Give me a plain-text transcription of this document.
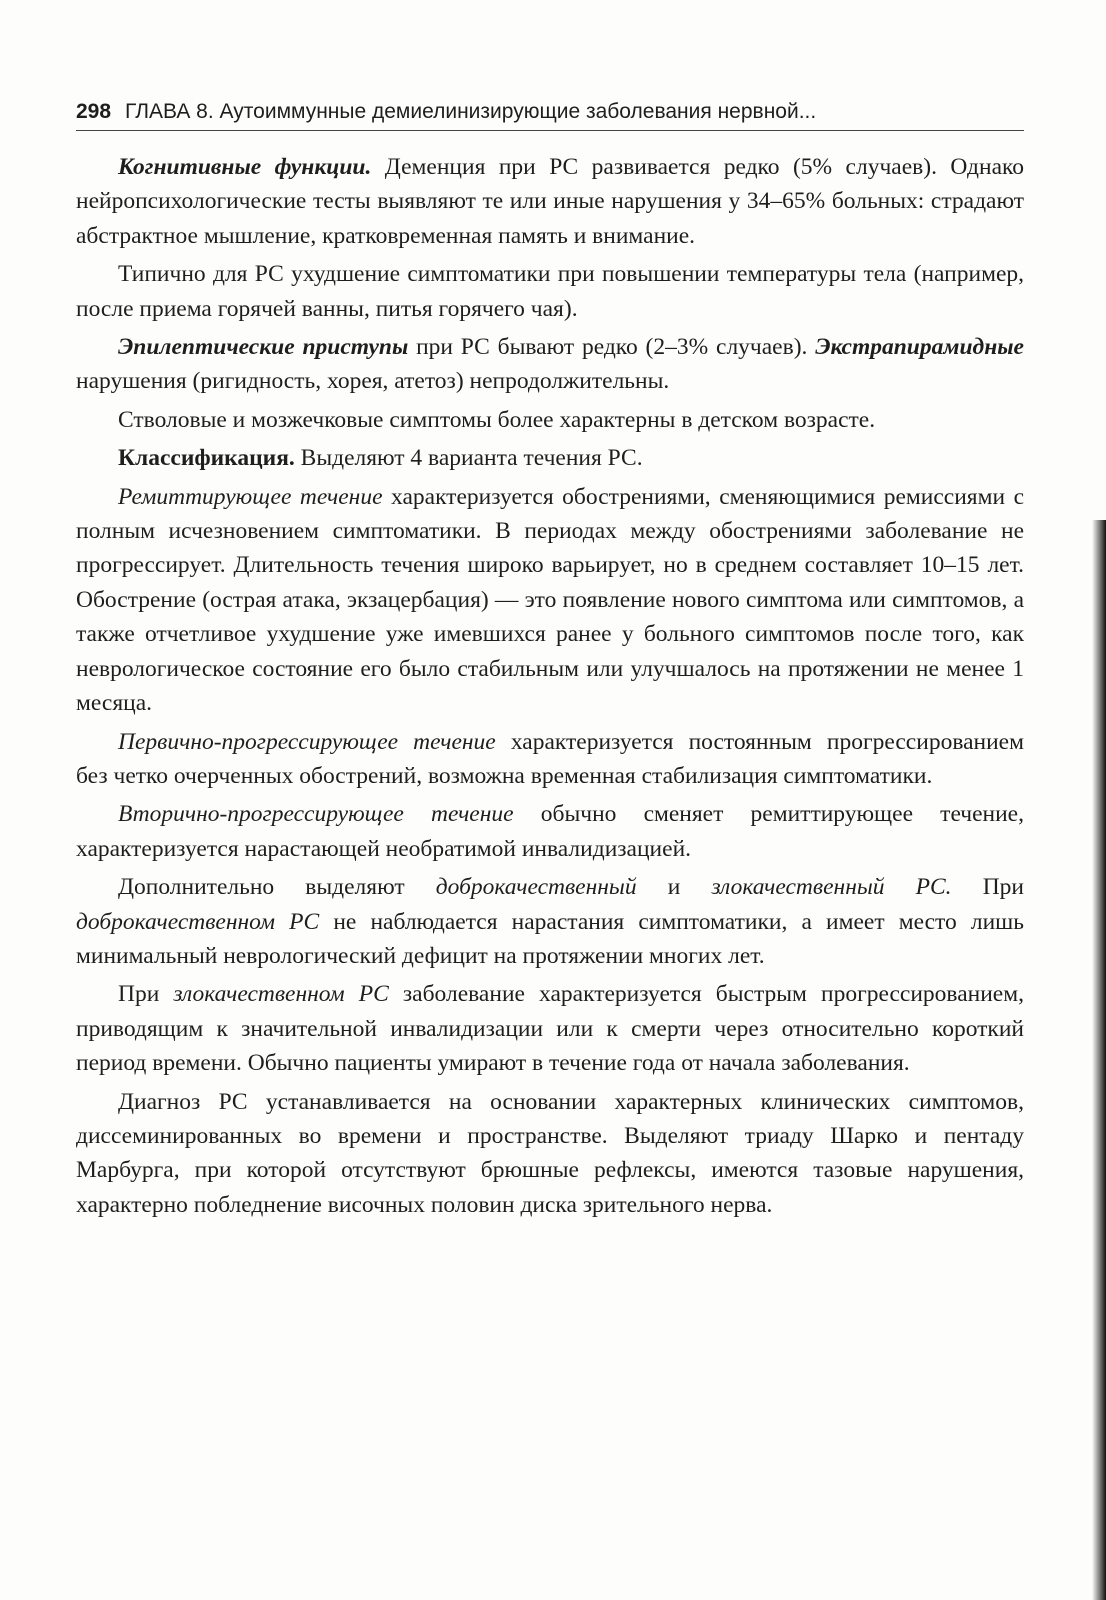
298 ГЛАВА 8. Аутоиммунные демиелинизирующие заболевания нервной...

Когнитивные функции. Деменция при РС развивается редко (5% случаев). Однако нейропсихологические тесты выявляют те или иные нарушения у 34–65% больных: страдают абстрактное мышление, кратковременная память и внимание.

Типично для РС ухудшение симптоматики при повышении температуры тела (например, после приема горячей ванны, питья горячего чая).

Эпилептические приступы при РС бывают редко (2–3% случаев). Экстрапирамидные нарушения (ригидность, хорея, атетоз) непродолжительны.

Стволовые и мозжечковые симптомы более характерны в детском возрасте.

Классификация. Выделяют 4 варианта течения РС.

Ремиттирующее течение характеризуется обострениями, сменяющимися ремиссиями с полным исчезновением симптоматики. В периодах между обострениями заболевание не прогрессирует. Длительность течения широко варьирует, но в среднем составляет 10–15 лет. Обострение (острая атака, экзацербация) — это появление нового симптома или симптомов, а также отчетливое ухудшение уже имевшихся ранее у больного симптомов после того, как неврологическое состояние его было стабильным или улучшалось на протяжении не менее 1 месяца.

Первично-прогрессирующее течение характеризуется постоянным прогрессированием без четко очерченных обострений, возможна временная стабилизация симптоматики.

Вторично-прогрессирующее течение обычно сменяет ремиттирующее течение, характеризуется нарастающей необратимой инвалидизацией.

Дополнительно выделяют доброкачественный и злокачественный РС. При доброкачественном РС не наблюдается нарастания симптоматики, а имеет место лишь минимальный неврологический дефицит на протяжении многих лет.

При злокачественном РС заболевание характеризуется быстрым прогрессированием, приводящим к значительной инвалидизации или к смерти через относительно короткий период времени. Обычно пациенты умирают в течение года от начала заболевания.

Диагноз РС устанавливается на основании характерных клинических симптомов, диссеминированных во времени и пространстве. Выделяют триаду Шарко и пентаду Марбурга, при которой отсутствуют брюшные рефлексы, имеются тазовые нарушения, характерно побледнение височных половин диска зрительного нерва.
